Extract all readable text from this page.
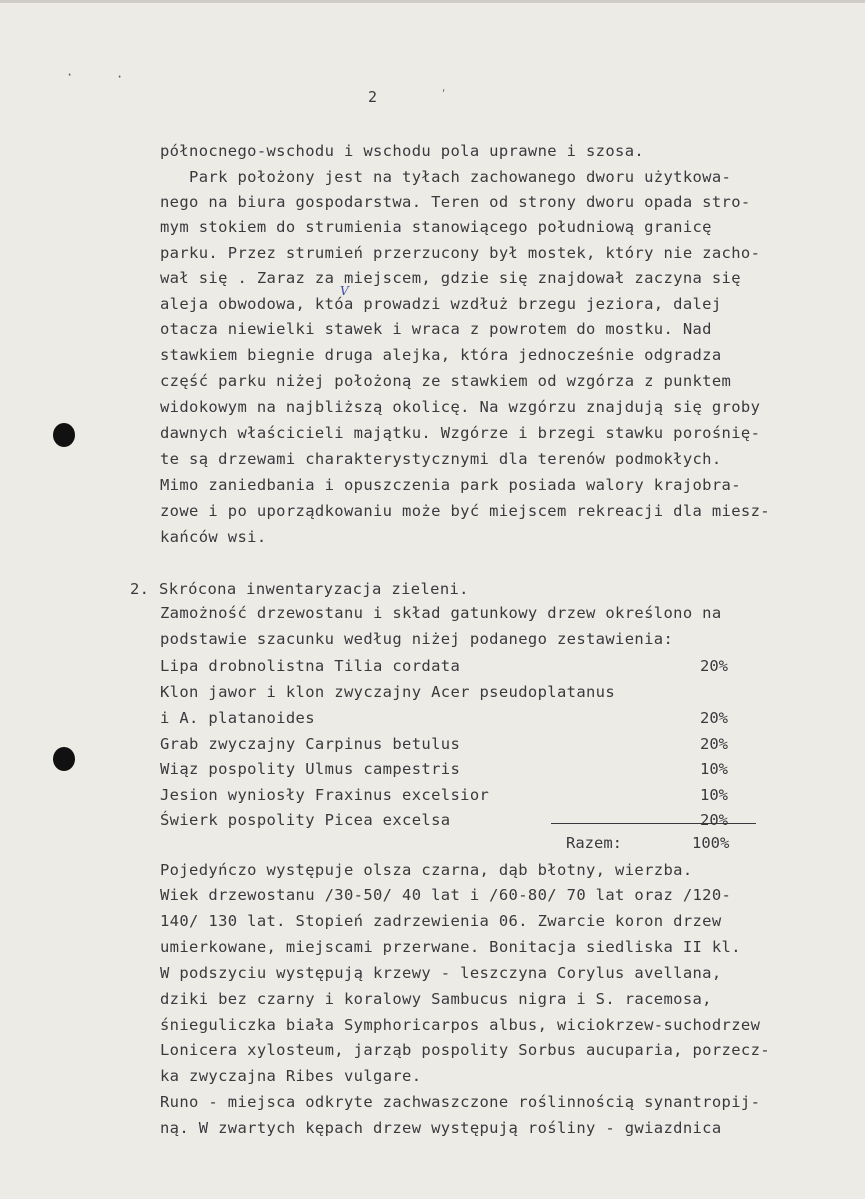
·	·
2	ʹ
północnego-wschodu i wschodu pola uprawne i szosa.
Park położony jest na tyłach zachowanego dworu użytkowa-
nego na biura gospodarstwa. Teren od strony dworu opada stro-
mym stokiem do strumienia stanowiącego południową granicę
parku. Przez strumień przerzucony był mostek, który nie zacho-
wał się . Zaraz za miejscem, gdzie się znajdował zaczyna się
aleja obwodowa, któa prowadzi wzdłuż brzegu jeziora, dalej
otacza niewielki stawek i wraca z powrotem do mostku. Nad
stawkiem biegnie druga alejka, która jednocześnie odgradza
część parku niżej położoną ze stawkiem od wzgórza z punktem
widokowym na najbliższą okolicę. Na wzgórzu znajdują się groby
dawnych właścicieli majątku. Wzgórze i brzegi stawku porośnię-
te są drzewami charakterystycznymi dla terenów podmokłych.
Mimo zaniedbania i opuszczenia park posiada walory krajobra-
zowe i po uporządkowaniu może być miejscem rekreacji dla miesz-
kańców wsi.
V
2. Skrócona inwentaryzacja zieleni.
Zamożność drzewostanu i skład gatunkowy drzew określono na
podstawie szacunku według niżej podanego zestawienia:
Lipa drobnolistna Tilia cordata	20%
Klon jawor i klon zwyczajny Acer pseudoplatanus
i A. platanoides	20%
Grab zwyczajny Carpinus betulus	20%
Wiąz pospolity Ulmus campestris	10%
Jesion wyniosły Fraxinus excelsior	10%
Świerk pospolity Picea excelsa	20%
Razem:	100%
Pojedyńczo występuje olsza czarna, dąb błotny, wierzba.
Wiek drzewostanu /30-50/ 40 lat i /60-80/ 70 lat oraz /120-
140/ 130 lat. Stopień zadrzewienia 06. Zwarcie koron drzew
umierkowane, miejscami przerwane. Bonitacja siedliska II kl.
W podszyciu występują krzewy - leszczyna Corylus avellana,
dziki bez czarny i koralowy Sambucus nigra i S. racemosa,
śnieguliczka biała Symphoricarpos albus, wiciokrzew-suchodrzew
Lonicera xylosteum, jarząb pospolity Sorbus aucuparia, porzecz-
ka zwyczajna Ribes vulgare.
Runo - miejsca odkryte zachwaszczone roślinnością synantropij-
ną. W zwartych kępach drzew występują rośliny - gwiazdnica
